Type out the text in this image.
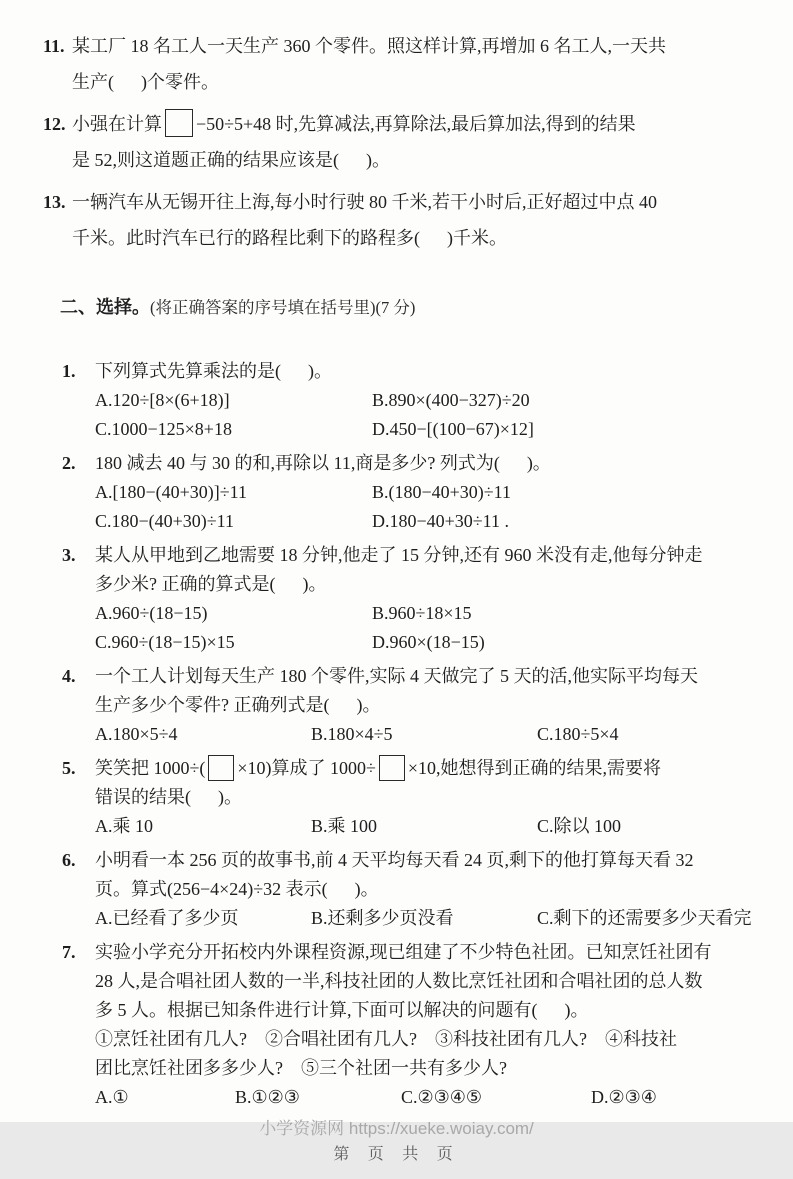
11. 某工厂 18 名工人一天生产 360 个零件。照这样计算,再增加 6 名工人,一天共
生产(      )个零件。
12. 小强在计算 −50÷5+48 时,先算减法,再算除法,最后算加法,得到的结果
是 52,则这道题正确的结果应该是(      )。
13. 一辆汽车从无锡开往上海,每小时行驶 80 千米,若干小时后,正好超过中点 40
千米。此时汽车已行的路程比剩下的路程多(      )千米。

二、选择。(将正确答案的序号填在括号里)(7 分)

1. 下列算式先算乘法的是(      )。
A.120÷[8×(6+18)]	B.890×(400−327)÷20
C.1000−125×8+18	D.450−[(100−67)×12]
2. 180 减去 40 与 30 的和,再除以 11,商是多少? 列式为(      )。
A.[180−(40+30)]÷11	B.(180−40+30)÷11
C.180−(40+30)÷11	D.180−40+30÷11 .
3. 某人从甲地到乙地需要 18 分钟,他走了 15 分钟,还有 960 米没有走,他每分钟走
多少米? 正确的算式是(      )。
A.960÷(18−15)	B.960÷18×15
C.960÷(18−15)×15	D.960×(18−15)
4. 一个工人计划每天生产 180 个零件,实际 4 天做完了 5 天的活,他实际平均每天
生产多少个零件? 正确列式是(      )。
A.180×5÷4	B.180×4÷5	C.180÷5×4
5. 笑笑把 1000÷( ×10)算成了 1000÷ ×10,她想得到正确的结果,需要将
错误的结果(      )。
A.乘 10	B.乘 100	C.除以 100
6. 小明看一本 256 页的故事书,前 4 天平均每天看 24 页,剩下的他打算每天看 32
页。算式(256−4×24)÷32 表示(      )。
A.已经看了多少页	B.还剩多少页没看	C.剩下的还需要多少天看完
7. 实验小学充分开拓校内外课程资源,现已组建了不少特色社团。已知烹饪社团有
28 人,是合唱社团人数的一半,科技社团的人数比烹饪社团和合唱社团的总人数
多 5 人。根据已知条件进行计算,下面可以解决的问题有(      )。
①烹饪社团有几人?    ②合唱社团有几人?    ③科技社团有几人?    ④科技社
团比烹饪社团多多少人?    ⑤三个社团一共有多少人?
A.①	B.①②③	C.②③④⑤	D.②③④
小学资源网 https://xueke.woiay.com/
第 页 共 页
